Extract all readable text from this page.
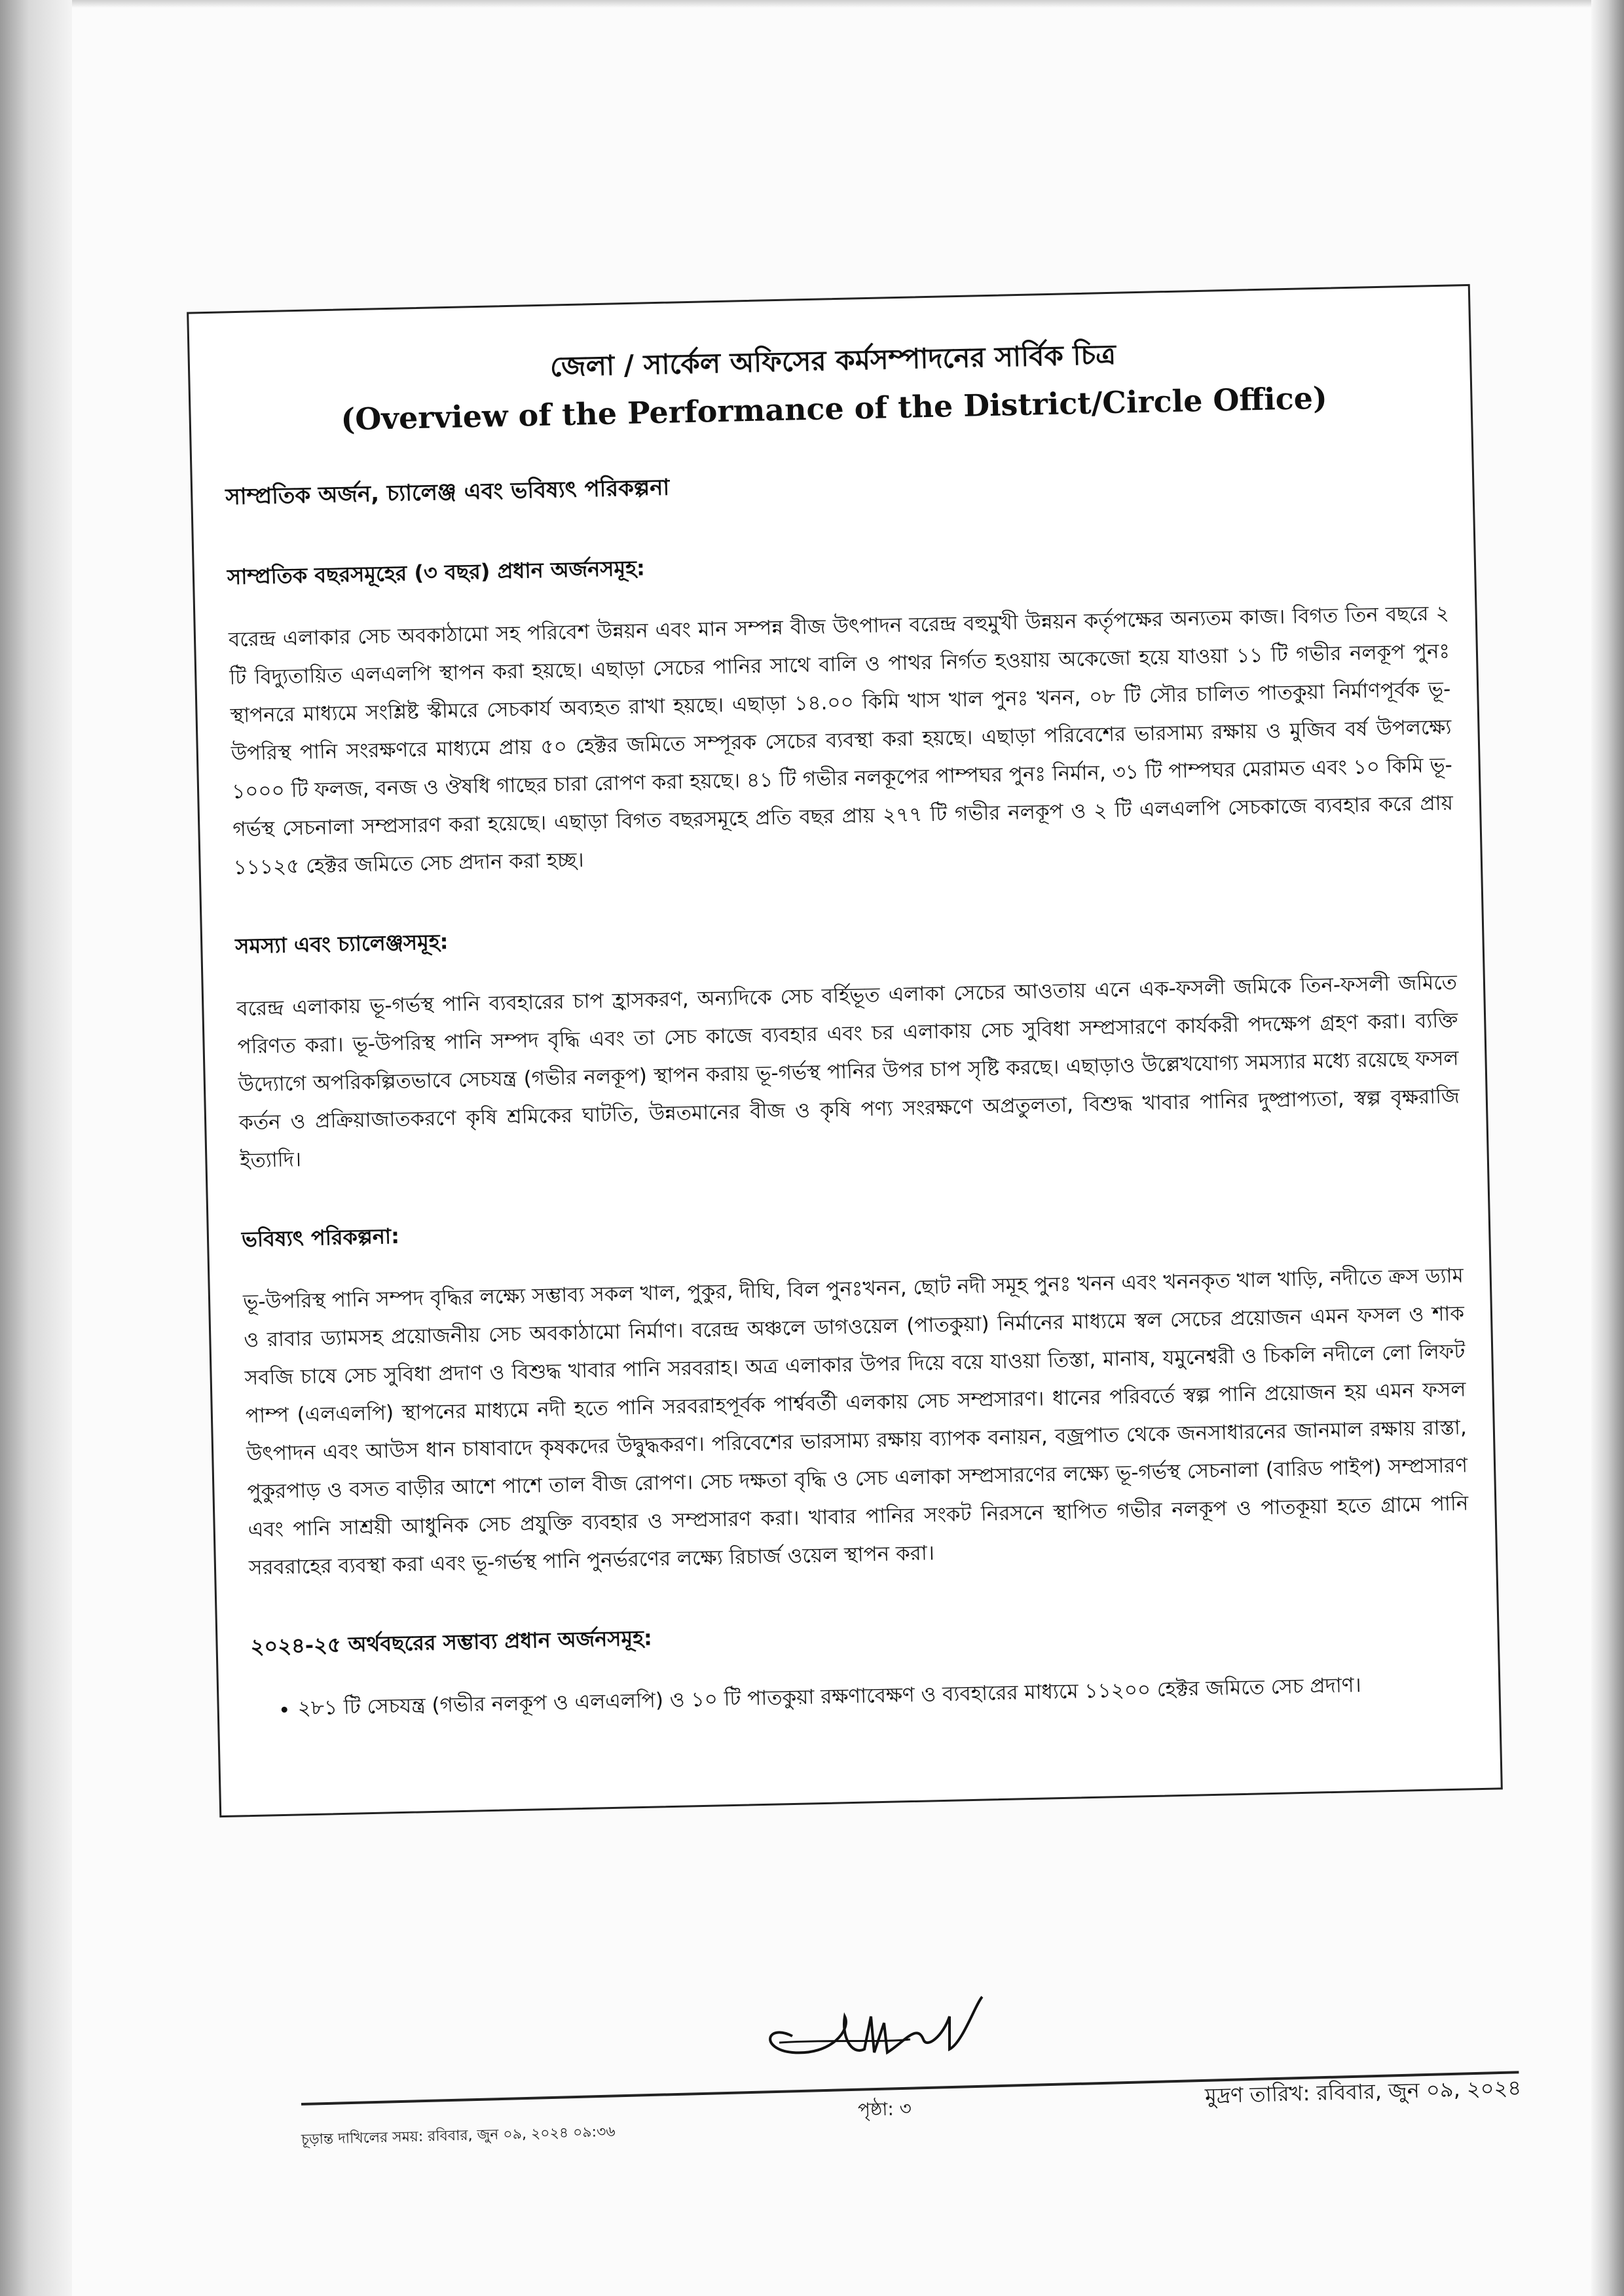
জেলা / সার্কেল অফিসের কর্মসম্পাদনের সার্বিক চিত্র
(Overview of the Performance of the District/Circle Office)
সাম্প্রতিক অর্জন, চ্যালেঞ্জ এবং ভবিষ্যৎ পরিকল্পনা
সাম্প্রতিক বছরসমূহের (৩ বছর) প্রধান অর্জনসমূহ:

বরেন্দ্র এলাকার সেচ অবকাঠামো সহ পরিবেশ উন্নয়ন এবং মান সম্পন্ন বীজ উৎপাদন বরেন্দ্র বহুমুখী উন্নয়ন কর্তৃপক্ষের অন্যতম কাজ। বিগত তিন বছরে ২ টি বিদ্যুতায়িত এলএলপি স্থাপন করা হয়ছে। এছাড়া সেচের পানির সাথে বালি ও পাথর নির্গত হওয়ায় অকেজো হয়ে যাওয়া ১১ টি গভীর নলকূপ পুনঃ স্থাপনরে মাধ্যমে সংশ্লিষ্ট স্কীমরে সেচকার্য অব্যহত রাখা হয়ছে। এছাড়া ১৪.০০ কিমি খাস খাল পুনঃ খনন, ০৮ টি সৌর চালিত পাতকুয়া নির্মাণপূর্বক ভূ-উপরিস্থ পানি সংরক্ষণরে মাধ্যমে প্রায় ৫০ হেক্টর জমিতে সম্পূরক সেচের ব্যবস্থা করা হয়ছে। এছাড়া পরিবেশের ভারসাম্য রক্ষায় ও মুজিব বর্ষ উপলক্ষ্যে ১০০০ টি ফলজ, বনজ ও ঔষধি গাছের চারা রোপণ করা হয়ছে। ৪১ টি গভীর নলকূপের পাম্পঘর পুনঃ নির্মান, ৩১ টি পাম্পঘর মেরামত এবং ১০ কিমি ভূ-গর্ভস্থ সেচনালা সম্প্রসারণ করা হয়েছে। এছাড়া বিগত বছরসমূহে প্রতি বছর প্রায় ২৭৭ টি গভীর নলকূপ ও ২ টি এলএলপি সেচকাজে ব্যবহার করে প্রায় ১১১২৫ হেক্টর জমিতে সেচ প্রদান করা হচ্ছ।

সমস্যা এবং চ্যালেঞ্জসমূহ:

বরেন্দ্র এলাকায় ভূ-গর্ভস্থ পানি ব্যবহারের চাপ হ্রাসকরণ, অন্যদিকে সেচ বর্হিভূত এলাকা সেচের আওতায় এনে এক-ফসলী জমিকে তিন-ফসলী জমিতে পরিণত করা। ভূ-উপরিস্থ পানি সম্পদ বৃদ্ধি এবং তা সেচ কাজে ব্যবহার এবং চর এলাকায় সেচ সুবিধা সম্প্রসারণে কার্যকরী পদক্ষেপ গ্রহণ করা। ব্যক্তি উদ্যোগে অপরিকল্পিতভাবে সেচযন্ত্র (গভীর নলকূপ) স্থাপন করায় ভূ-গর্ভস্থ পানির উপর চাপ সৃষ্টি করছে। এছাড়াও উল্লেখযোগ্য সমস্যার মধ্যে রয়েছে ফসল কর্তন ও প্রক্রিয়াজাতকরণে কৃষি শ্রমিকের ঘাটতি, উন্নতমানের বীজ ও কৃষি পণ্য সংরক্ষণে অপ্রতুলতা, বিশুদ্ধ খাবার পানির দুষ্প্রাপ্যতা, স্বল্প বৃক্ষরাজি ইত্যাদি।

ভবিষ্যৎ পরিকল্পনা:

ভূ-উপরিস্থ পানি সম্পদ বৃদ্ধির লক্ষ্যে সম্ভাব্য সকল খাল, পুকুর, দীঘি, বিল পুনঃখনন, ছোট নদী সমূহ পুনঃ খনন এবং খননকৃত খাল খাড়ি, নদীতে ক্রস ড্যাম ও রাবার ড্যামসহ প্রয়োজনীয় সেচ অবকাঠামো নির্মাণ। বরেন্দ্র অঞ্চলে ডাগওয়েল (পাতকুয়া) নির্মানের মাধ্যমে স্বল সেচের প্রয়োজন এমন ফসল ও শাক সবজি চাষে সেচ সুবিধা প্রদাণ ও বিশুদ্ধ খাবার পানি সরবরাহ। অত্র এলাকার উপর দিয়ে বয়ে যাওয়া তিস্তা, মানাষ, যমুনেশ্বরী ও চিকলি নদীলে লো লিফট পাম্প (এলএলপি) স্থাপনের মাধ্যমে নদী হতে পানি সরবরাহপূর্বক পার্শ্ববর্তী এলকায় সেচ সম্প্রসারণ। ধানের পরিবর্তে স্বল্প পানি প্রয়োজন হয় এমন ফসল উৎপাদন এবং আউস ধান চাষাবাদে কৃষকদের উদ্বুদ্ধকরণ। পরিবেশের ভারসাম্য রক্ষায় ব্যাপক বনায়ন, বজ্রপাত থেকে জনসাধারনের জানমাল রক্ষায় রাস্তা, পুকুরপাড় ও বসত বাড়ীর আশে পাশে তাল বীজ রোপণ। সেচ দক্ষতা বৃদ্ধি ও সেচ এলাকা সম্প্রসারণের লক্ষ্যে ভূ-গর্ভস্থ সেচনালা (বারিড পাইপ) সম্প্রসারণ এবং পানি সাশ্রয়ী আধুনিক সেচ প্রযুক্তি ব্যবহার ও সম্প্রসারণ করা। খাবার পানির সংকট নিরসনে স্থাপিত গভীর নলকূপ ও পাতকূয়া হতে গ্রামে পানি সরবরাহের ব্যবস্থা করা এবং ভূ-গর্ভস্থ পানি পুনর্ভরণের লক্ষ্যে রিচার্জ ওয়েল স্থাপন করা।

২০২৪-২৫ অর্থবছরের সম্ভাব্য প্রধান অর্জনসমূহ:
• ২৮১ টি সেচযন্ত্র (গভীর নলকূপ ও এলএলপি) ও ১০ টি পাতকুয়া রক্ষণাবেক্ষণ ও ব্যবহারের মাধ্যমে ১১২০০ হেক্টর জমিতে সেচ প্রদাণ।
চূড়ান্ত দাখিলের সময়: রবিবার, জুন ০৯, ২০২৪ ০৯:৩৬
পৃষ্ঠা: ৩
মুদ্রণ তারিখ: রবিবার, জুন ০৯, ২০২৪
